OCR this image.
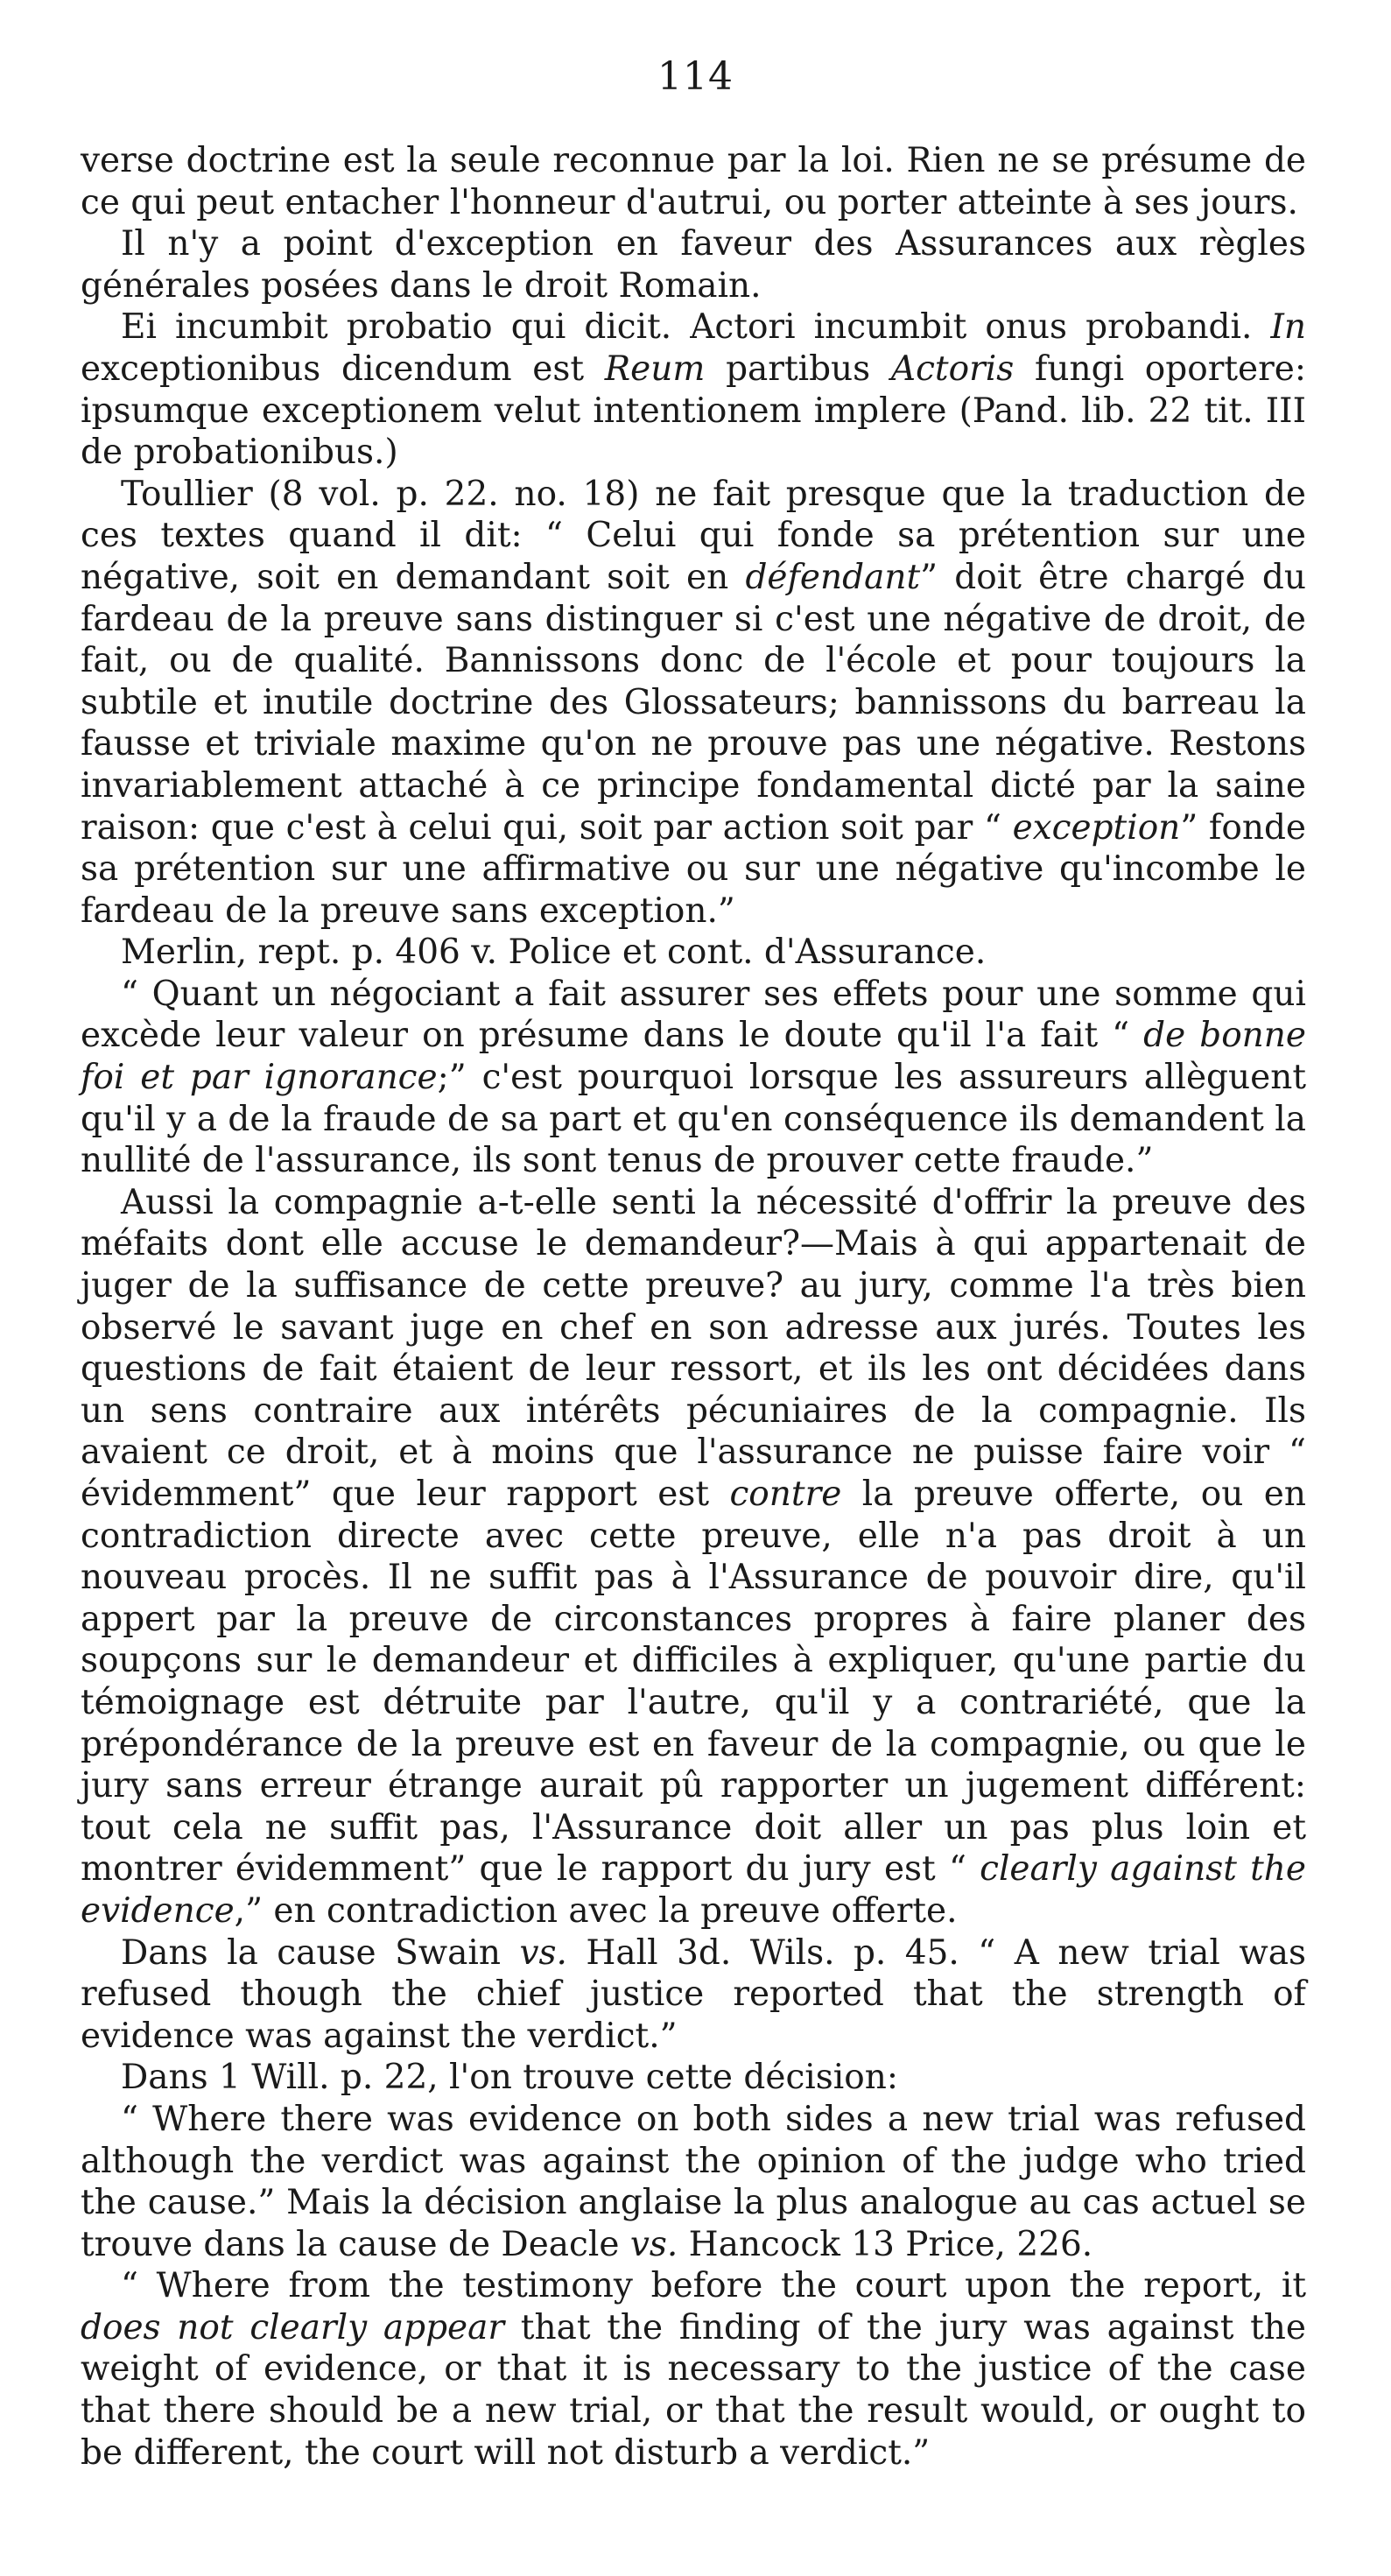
114

verse doctrine est la seule reconnue par la loi. Rien ne se présume de ce qui peut entacher l'honneur d'autrui, ou porter atteinte à ses jours.

Il n'y a point d'exception en faveur des Assurances aux règles générales posées dans le droit Romain.

Ei incumbit probatio qui dicit. Actori incumbit onus probandi. In exceptionibus dicendum est Reum partibus Actoris fungi oportere: ipsumque exceptionem velut intentionem implere (Pand. lib. 22 tit. III de probationibus.)

Toullier (8 vol. p. 22. no. 18) ne fait presque que la traduction de ces textes quand il dit: “ Celui qui fonde sa prétention sur une négative, soit en demandant soit en défendant” doit être chargé du fardeau de la preuve sans distinguer si c'est une négative de droit, de fait, ou de qualité. Bannissons donc de l'école et pour toujours la subtile et inutile doctrine des Glossateurs; bannissons du barreau la fausse et triviale maxime qu'on ne prouve pas une négative. Restons invariablement attaché à ce principe fondamental dicté par la saine raison: que c'est à celui qui, soit par action soit par “ exception” fonde sa prétention sur une affirmative ou sur une négative qu'incombe le fardeau de la preuve sans exception.”

Merlin, rept. p. 406 v. Police et cont. d'Assurance.

“ Quant un négociant a fait assurer ses effets pour une somme qui excède leur valeur on présume dans le doute qu'il l'a fait “ de bonne foi et par ignorance;” c'est pourquoi lorsque les assureurs allèguent qu'il y a de la fraude de sa part et qu'en conséquence ils demandent la nullité de l'assurance, ils sont tenus de prouver cette fraude.”

Aussi la compagnie a-t-elle senti la nécessité d'offrir la preuve des méfaits dont elle accuse le demandeur?—Mais à qui appartenait de juger de la suffisance de cette preuve? au jury, comme l'a très bien observé le savant juge en chef en son adresse aux jurés. Toutes les questions de fait étaient de leur ressort, et ils les ont décidées dans un sens contraire aux intérêts pécuniaires de la compagnie. Ils avaient ce droit, et à moins que l'assurance ne puisse faire voir “ évidemment” que leur rapport est contre la preuve offerte, ou en contradiction directe avec cette preuve, elle n'a pas droit à un nouveau procès. Il ne suffit pas à l'Assurance de pouvoir dire, qu'il appert par la preuve de circonstances propres à faire planer des soupçons sur le demandeur et difficiles à expliquer, qu'une partie du témoignage est détruite par l'autre, qu'il y a contrariété, que la prépondérance de la preuve est en faveur de la compagnie, ou que le jury sans erreur étrange aurait pû rapporter un jugement différent: tout cela ne suffit pas, l'Assurance doit aller un pas plus loin et montrer évidemment” que le rapport du jury est “ clearly against the evidence,” en contradiction avec la preuve offerte.

Dans la cause Swain vs. Hall 3d. Wils. p. 45. “ A new trial was refused though the chief justice reported that the strength of evidence was against the verdict.”

Dans 1 Will. p. 22, l'on trouve cette décision:

“ Where there was evidence on both sides a new trial was refused although the verdict was against the opinion of the judge who tried the cause.” Mais la décision anglaise la plus analogue au cas actuel se trouve dans la cause de Deacle vs. Hancock 13 Price, 226.

“ Where from the testimony before the court upon the report, it does not clearly appear that the finding of the jury was against the weight of evidence, or that it is necessary to the justice of the case that there should be a new trial, or that the result would, or ought to be different, the court will not disturb a verdict.”
